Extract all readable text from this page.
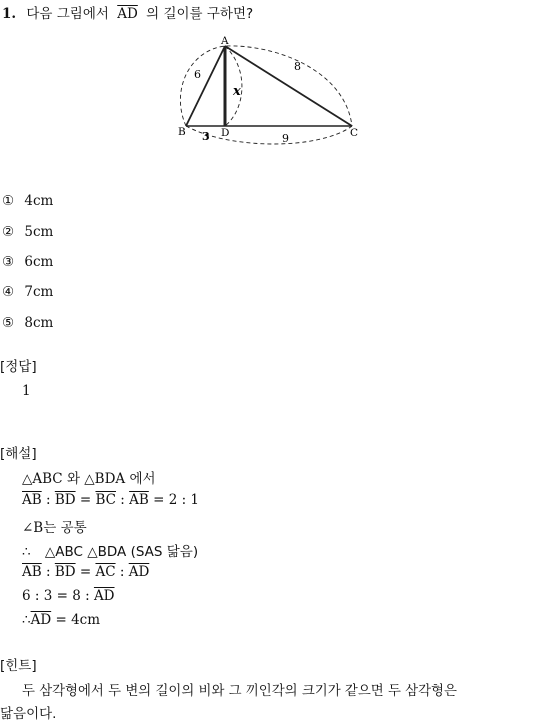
1. 다음 그림에서 $\overline{AD}$ 의 길이를 구하면?
A
B	D	C
6
8
3	9
x
① 4cm
② 5cm
③ 6cm
④ 7cm
⑤ 8cm
[정답]
1
[해설]
△ABC 와 △BDA 에서
$\overline{AB}$ : $\overline{BD} = \overline{BC}$ : $\overline{AB} = 2$ : 1
∠B는 공통
∴ △ABC △BDA (SAS 닮음)
$\overline{AB}$ : $\overline{BD} = \overline{AC}$ : $\overline{AD}$
6 : 3 = 8 : $\overline{AD}$
$\therefore\overline{AD} = 4cm$
[힌트]
두 삼각형에서 두 변의 길이의 비와 그 끼인각의 크기가 같으면 두 삼각형은
닮음이다.
